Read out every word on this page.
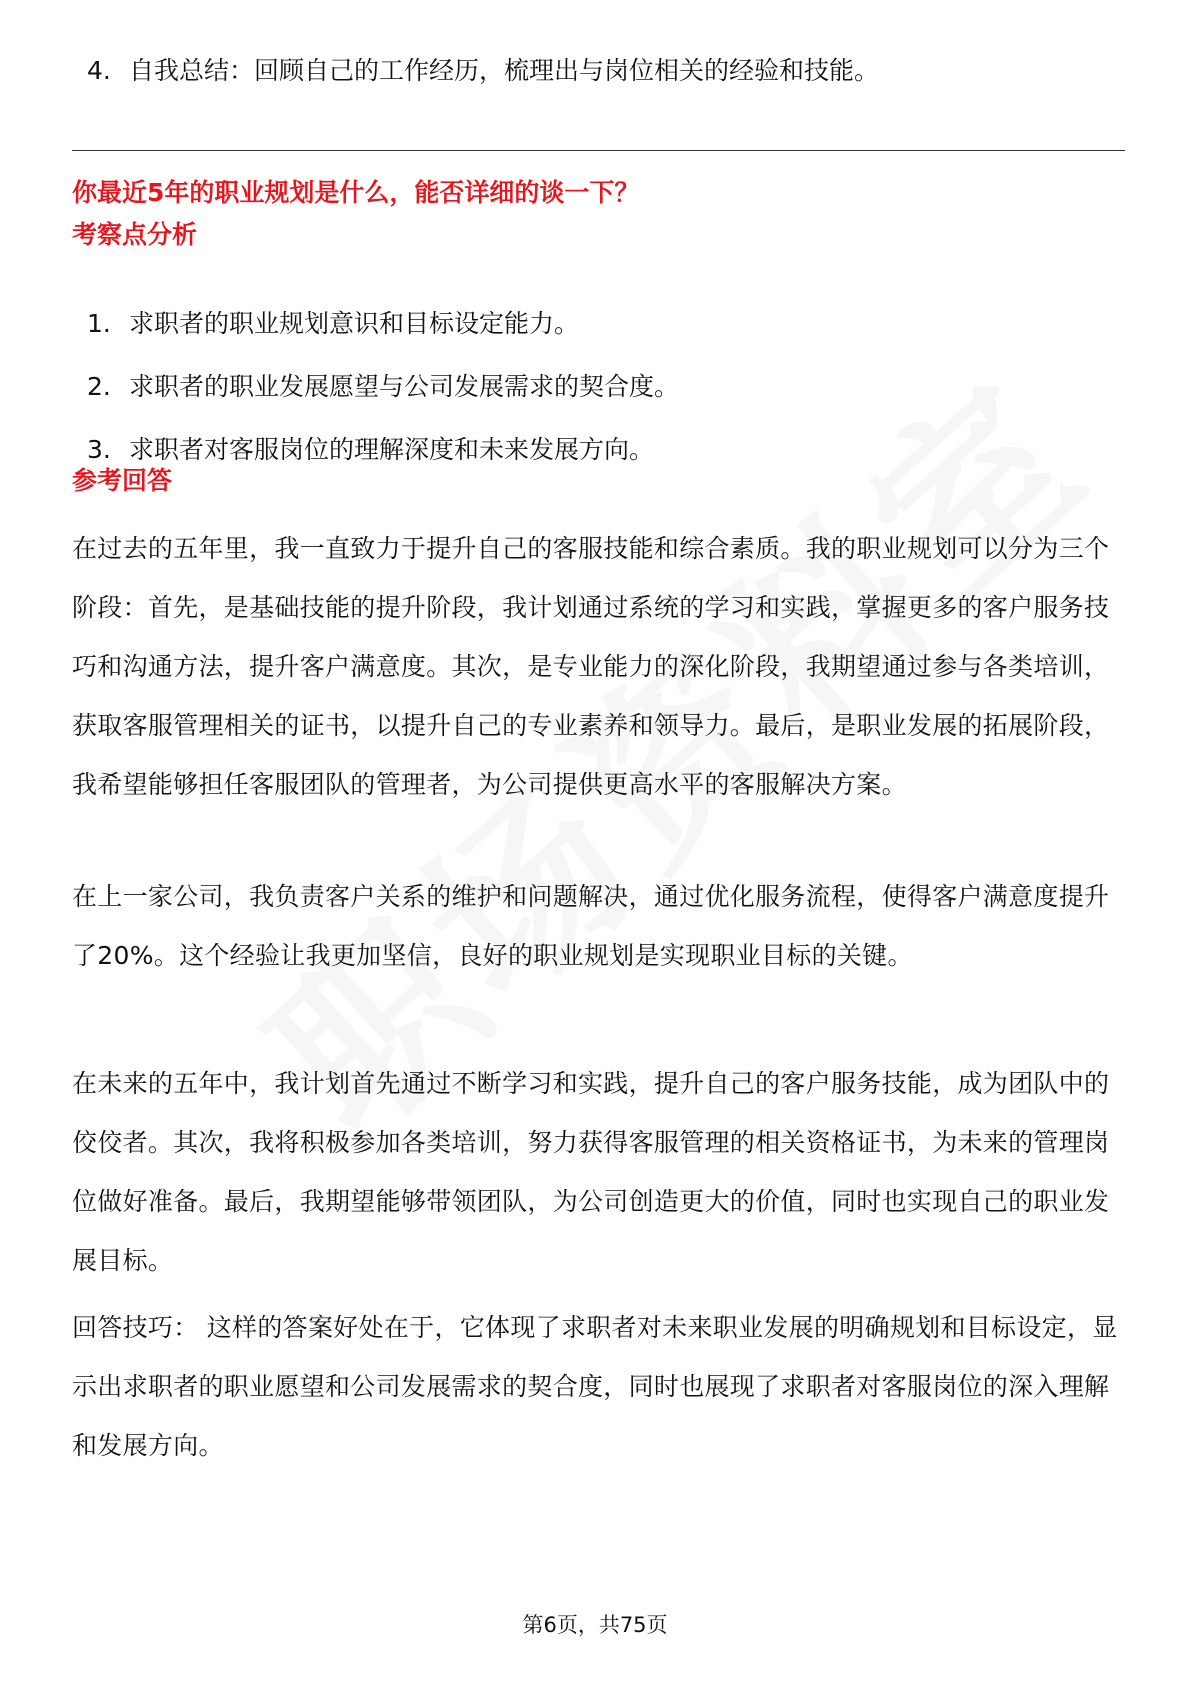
4. 自我总结：回顾自己的工作经历，梳理出与岗位相关的经验和技能。
你最近5年的职业规划是什么，能否详细的谈一下？
考察点分析
1. 求职者的职业规划意识和目标设定能力。
2. 求职者的职业发展愿望与公司发展需求的契合度。
3. 求职者对客服岗位的理解深度和未来发展方向。
参考回答

在过去的五年里，我一直致力于提升自己的客服技能和综合素质。我的职业规划可以分为三个阶段：首先，是基础技能的提升阶段，我计划通过系统的学习和实践，掌握更多的客户服务技巧和沟通方法，提升客户满意度。其次，是专业能力的深化阶段，我期望通过参与各类培训，获取客服管理相关的证书，以提升自己的专业素养和领导力。最后，是职业发展的拓展阶段，我希望能够担任客服团队的管理者，为公司提供更高水平的客服解决方案。

在上一家公司，我负责客户关系的维护和问题解决，通过优化服务流程，使得客户满意度提升了20%。这个经验让我更加坚信，良好的职业规划是实现职业目标的关键。

在未来的五年中，我计划首先通过不断学习和实践，提升自己的客户服务技能，成为团队中的佼佼者。其次，我将积极参加各类培训，努力获得客服管理的相关资格证书，为未来的管理岗位做好准备。最后，我期望能够带领团队，为公司创造更大的价值，同时也实现自己的职业发展目标。

回答技巧： 这样的答案好处在于，它体现了求职者对未来职业发展的明确规划和目标设定，显示出求职者的职业愿望和公司发展需求的契合度，同时也展现了求职者对客服岗位的深入理解和发展方向。

第6页，共75页
